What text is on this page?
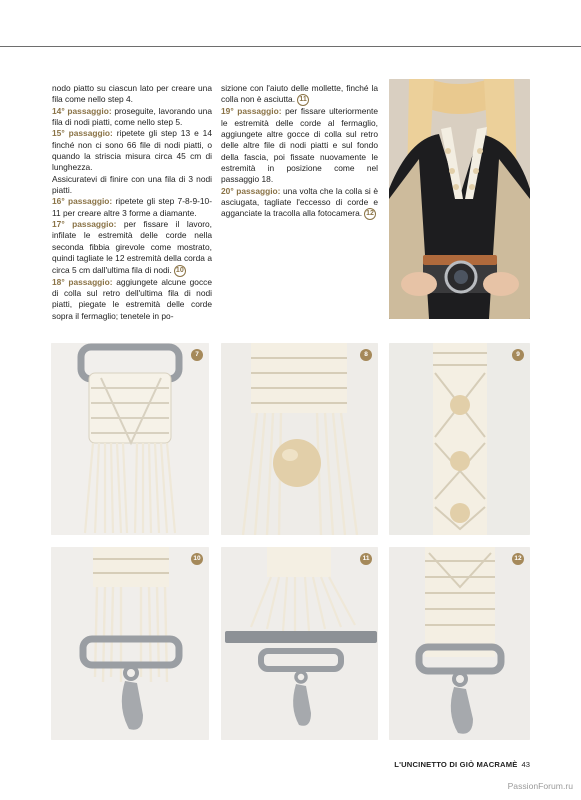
nodo piatto su ciascun lato per creare una fila come nello step 4.

14° passaggio: proseguite, lavorando una fila di nodi piatti, come nello step 5.

15° passaggio: ripetete gli step 13 e 14 finché non ci sono 66 file di nodi piatti, o quando la striscia misura circa 45 cm di lunghezza.

Assicuratevi di finire con una fila di 3 nodi piatti.

16° passaggio: ripetete gli step 7-8-9-10-11 per creare altre 3 forme a diamante.

17° passaggio: per fissare il lavoro, infilate le estremità delle corde nella seconda fibbia girevole come mostrato, quindi tagliate le 12 estremità della corda a circa 5 cm dall'ultima fila di nodi. 10

18° passaggio: aggiungete alcune gocce di colla sul retro dell'ultima fila di nodi piatti, piegate le estremità delle corde sopra il fermaglio; tenetele in po-

sizione con l'aiuto delle mollette, finché la colla non è asciutta. 11

19° passaggio: per fissare ulteriormente le estremità delle corde al fermaglio, aggiungete altre gocce di colla sul retro delle altre file di nodi piatti e sul fondo della fascia, poi fissate nuovamente le estremità in posizione come nel passaggio 18.

20° passaggio: una volta che la colla si è asciugata, tagliate l'eccesso di corde e agganciate la tracolla alla fotocamera. 12

7	8	9
10	11	12
L'UNCINETTO DI GIÒ MACRAMÈ 43
PassionForum.ru
